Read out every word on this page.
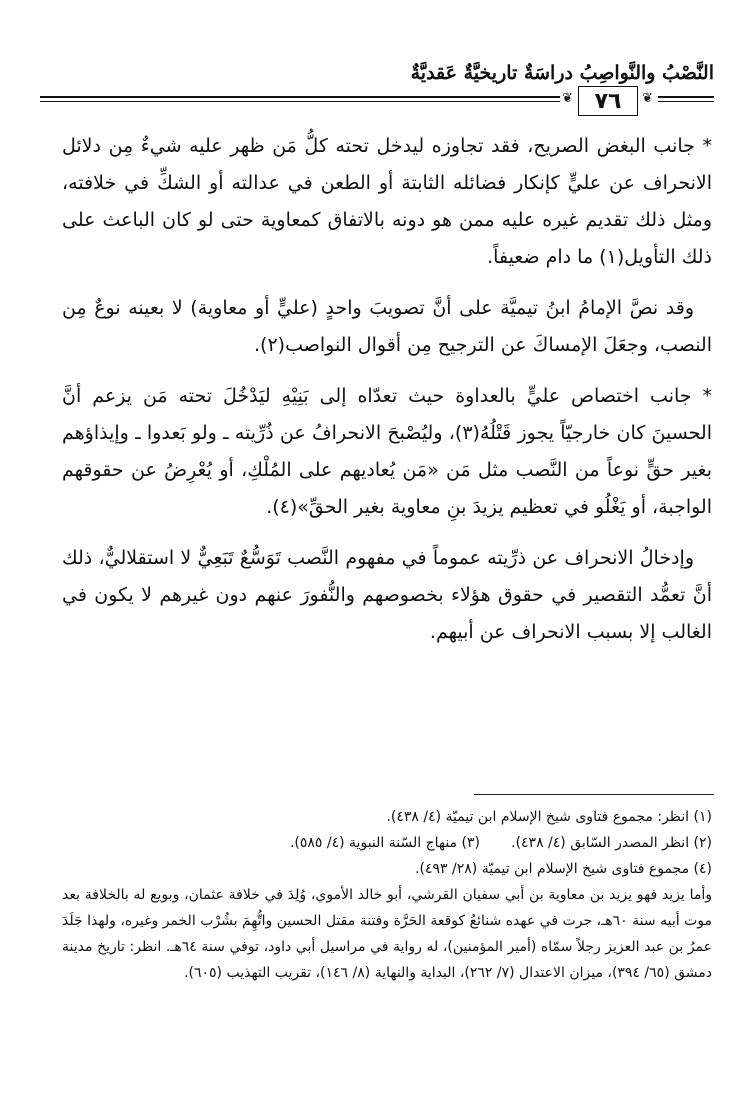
النَّصْبُ والنَّواصِبُ دراسَةٌ تاريخيَّةٌ عَقديَّةٌ
❦ ٧٦	❦

* جانب البغض الصريح، فقد تجاوزه ليدخل تحته كلُّ مَن ظهر عليه شيءٌ مِن دلائل الانحراف عن عليٍّ كإنكار فضائله الثابتة أو الطعن في عدالته أو الشكِّ في خلافته، ومثل ذلك تقديم غيره عليه ممن هو دونه بالاتفاق كمعاوية حتى لو كان الباعث على ذلك التأويل(١) ما دام ضعيفاً.

وقد نصَّ الإمامُ ابنُ تيميَّة على أنَّ تصويبَ واحدٍ (عليٍّ أو معاوية) لا بعينه نوعٌ مِن النصب، وجعَلَ الإمساكَ عن الترجيح مِن أقوال النواصب(٢).

* جانب اختصاص عليٍّ بالعداوة حيث تعدّاه إلى بَنِيْهِ ليَدْخُلَ تحته مَن يزعم أنَّ الحسينَ كان خارجيّاً يجوز قَتْلُهُ(٣)، وليُصْبحَ الانحرافُ عن ذُرِّيته ـ ولو بَعدوا ـ وإيذاؤهم بغير حقٍّ نوعاً من النَّصب مثل مَن «مَن يُعاديهم على المُلْكِ، أو يُعْرِضُ عن حقوقهم الواجبة، أو يَغْلُو في تعظيم يزيدَ بنِ معاوية بغير الحقِّ»(٤).

وإدخالُ الانحراف عن ذرِّيته عموماً في مفهوم النَّصب تَوَسُّعٌ تَبَعِيٌّ لا استقلاليٌّ، ذلك أنَّ تعمُّد التقصير في حقوق هؤلاء بخصوصهم والنُّفورَ عنهم دون غيرهم لا يكون في الغالب إلا بسبب الانحراف عن أبيهم.

(١) انظر: مجموع فتاوى شيخ الإسلام ابن تيميّة (٤/ ٤٣٨).

(٢) انظر المصدر السّابق (٤/ ٤٣٨).       (٣) منهاج السّنة النبوية (٤/ ٥٨٥).

(٤) مجموع فتاوى شيخ الإسلام ابن تيميّة (٢٨/ ٤٩٣).

وأما يزيد فهو يزيد بن معاوية بن أبي سفيان القرشي، أبو خالد الأموي، وُلِدَ في خلافة عثمان، وبويع له بالخلافة بعد موت أبيه سنة ٦٠هـ، جرت في عهده شنائعُ كوقعة الحَرَّة وفتنة مقتل الحسين واتُّهِمَ بشُرْب الخمر وغيره، ولهذا جَلَدَ عمرُ بن عبد العزيز رجلاً سمّاه (أمير المؤمنين)، له رواية في مراسيل أبي داود، توفي سنة ٦٤هـ. انظر: تاريخ مدينة دمشق (٦٥/ ٣٩٤)، ميزان الاعتدال (٧/ ٢٦٢)، البداية والنهاية (٨/ ١٤٦)، تقريب التهذيب (٦٠٥).
